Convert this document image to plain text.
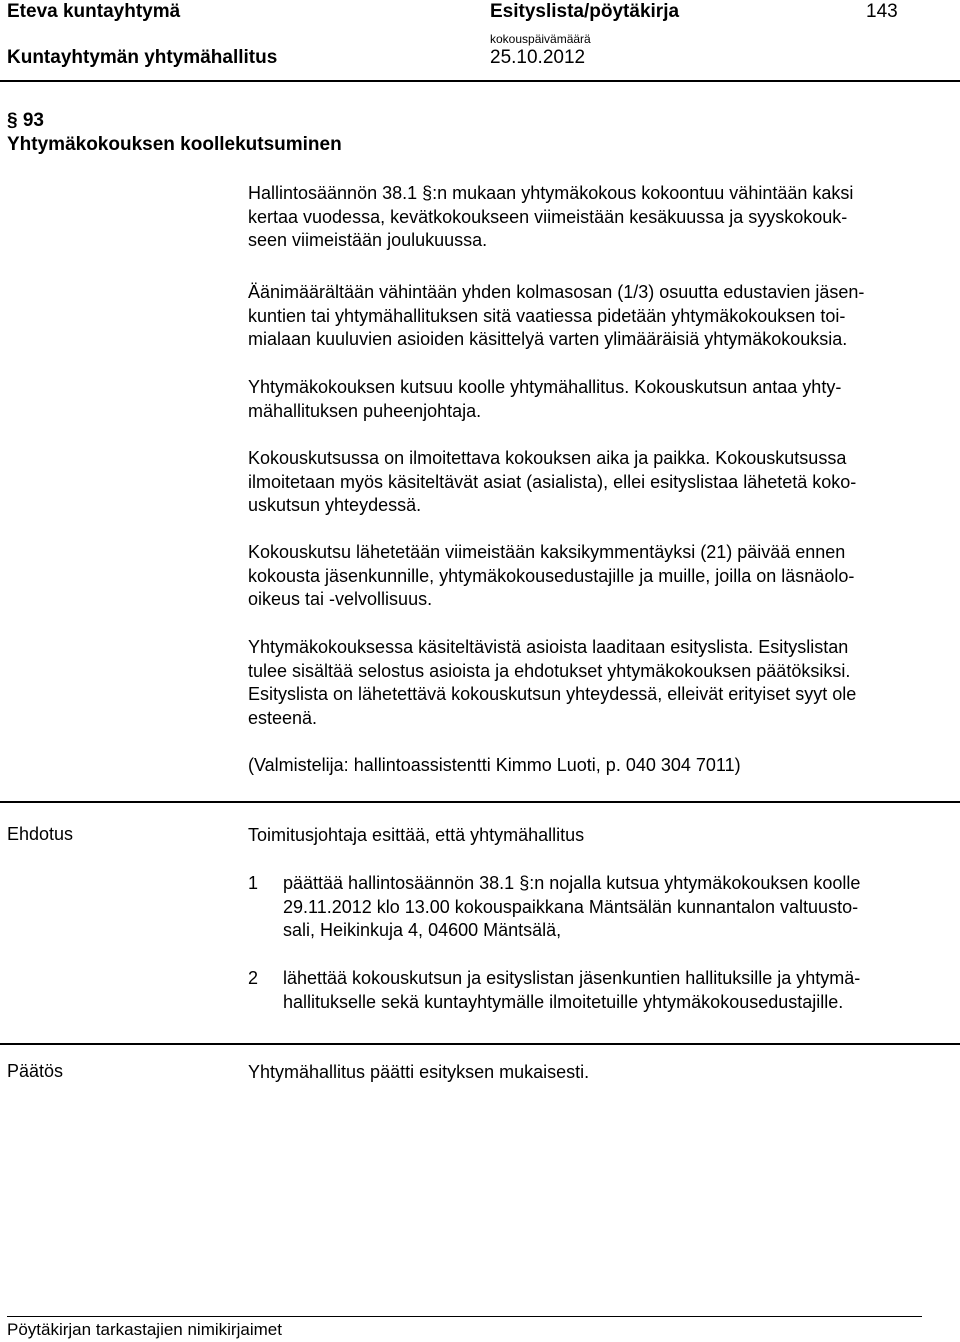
Eteva kuntayhtymä	Esityslista/pöytäkirja	143
Kuntayhtymän yhtymähallitus
kokouspäivämäärä
25.10.2012
§ 93
Yhtymäkokouksen koollekutsuminen
Hallintosäännön 38.1 §:n mukaan yhtymäkokous kokoontuu vähintään kaksi
kertaa vuodessa, kevätkokoukseen viimeistään kesäkuussa ja syyskokouk-
seen viimeistään joulukuussa.
Äänimäärältään vähintään yhden kolmasosan (1/3) osuutta edustavien jäsen-
kuntien tai yhtymähallituksen sitä vaatiessa pidetään yhtymäkokouksen toi-
mialaan kuuluvien asioiden käsittelyä varten ylimääräisiä yhtymäkokouksia.
Yhtymäkokouksen kutsuu koolle yhtymähallitus. Kokouskutsun antaa yhty-
mähallituksen puheenjohtaja.
Kokouskutsussa on ilmoitettava kokouksen aika ja paikka. Kokouskutsussa
ilmoitetaan myös käsiteltävät asiat (asialista), ellei esityslistaa lähetetä koko-
uskutsun yhteydessä.
Kokouskutsu lähetetään viimeistään kaksikymmentäyksi (21) päivää ennen
kokousta jäsenkunnille, yhtymäkokousedustajille ja muille, joilla on läsnäolo-
oikeus tai -velvollisuus.
Yhtymäkokouksessa käsiteltävistä asioista laaditaan esityslista. Esityslistan
tulee sisältää selostus asioista ja ehdotukset yhtymäkokouksen päätöksiksi.
Esityslista on lähetettävä kokouskutsun yhteydessä, elleivät erityiset syyt ole
esteenä.
(Valmistelija: hallintoassistentti Kimmo Luoti, p. 040 304 7011)
Ehdotus	Toimitusjohtaja esittää, että yhtymähallitus
1 päättää hallintosäännön 38.1 §:n nojalla kutsua yhtymäkokouksen koolle
29.11.2012 klo 13.00 kokouspaikkana Mäntsälän kunnantalon valtuusto-
sali, Heikinkuja 4, 04600 Mäntsälä,
2 lähettää kokouskutsun ja esityslistan jäsenkuntien hallituksille ja yhtymä-
hallitukselle sekä kuntayhtymälle ilmoitetuille yhtymäkokousedustajille.
Päätös	Yhtymähallitus päätti esityksen mukaisesti.
Pöytäkirjan tarkastajien nimikirjaimet
